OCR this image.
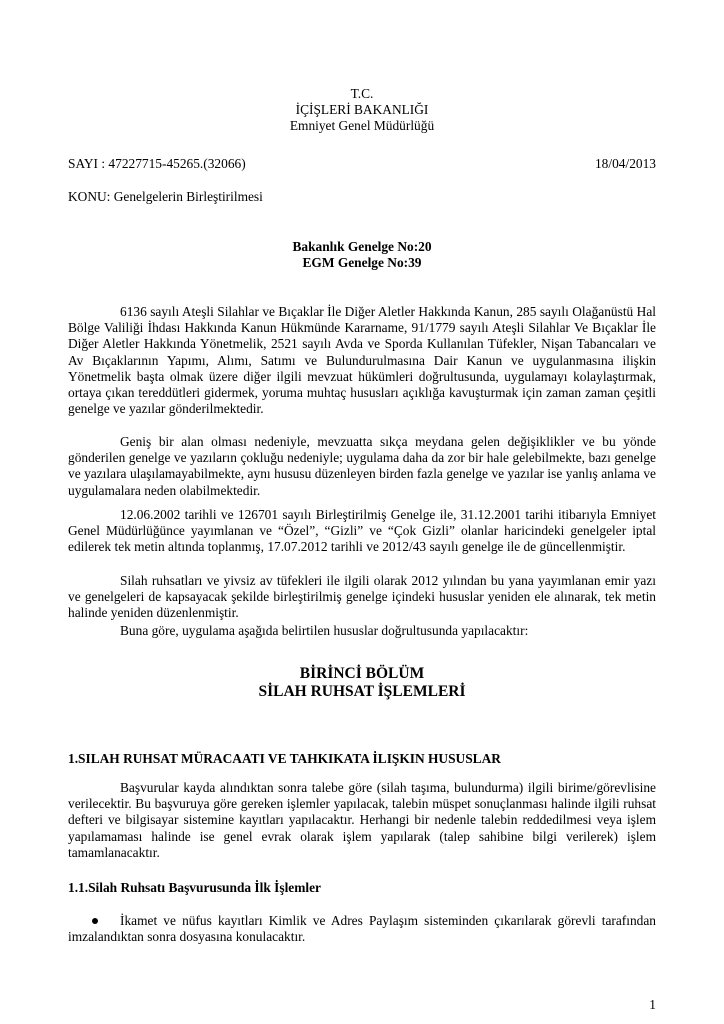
T.C.
İÇİŞLERİ BAKANLIĞI
Emniyet Genel Müdürlüğü
SAYI : 47227715-45265.(32066)	18/04/2013
KONU: Genelgelerin Birleştirilmesi
Bakanlık Genelge No:20
EGM Genelge No:39

6136 sayılı Ateşli Silahlar ve Bıçaklar İle Diğer Aletler Hakkında Kanun, 285 sayılı Olağanüstü Hal Bölge Valiliği İhdası Hakkında Kanun Hükmünde Kararname, 91/1779 sayılı Ateşli Silahlar Ve Bıçaklar İle Diğer Aletler Hakkında Yönetmelik, 2521 sayılı Avda ve Sporda Kullanılan Tüfekler, Nişan Tabancaları ve Av Bıçaklarının Yapımı, Alımı, Satımı ve Bulundurulmasına Dair Kanun ve uygulanmasına ilişkin Yönetmelik başta olmak üzere diğer ilgili mevzuat hükümleri doğrultusunda, uygulamayı kolaylaştırmak, ortaya çıkan tereddütleri gidermek, yoruma muhtaç hususları açıklığa kavuşturmak için zaman zaman çeşitli genelge ve yazılar gönderilmektedir.

Geniş bir alan olması nedeniyle, mevzuatta sıkça meydana gelen değişiklikler ve bu yönde gönderilen genelge ve yazıların çokluğu nedeniyle; uygulama daha da zor bir hale gelebilmekte, bazı genelge ve yazılara ulaşılamayabilmekte, aynı hususu düzenleyen birden fazla genelge ve yazılar ise yanlış anlama ve uygulamalara neden olabilmektedir.

12.06.2002 tarihli ve 126701 sayılı Birleştirilmiş Genelge ile, 31.12.2001 tarihi itibarıyla Emniyet Genel Müdürlüğünce yayımlanan ve “Özel”, “Gizli” ve “Çok Gizli” olanlar haricindeki genelgeler iptal edilerek tek metin altında toplanmış, 17.07.2012 tarihli ve 2012/43 sayılı genelge ile de güncellenmiştir.

Silah ruhsatları ve yivsiz av tüfekleri ile ilgili olarak 2012 yılından bu yana yayımlanan emir yazı ve genelgeleri de kapsayacak şekilde birleştirilmiş genelge içindeki hususlar yeniden ele alınarak, tek metin halinde yeniden düzenlenmiştir.

Buna göre, uygulama aşağıda belirtilen hususlar doğrultusunda yapılacaktır:

BİRİNCİ BÖLÜM
SİLAH RUHSAT İŞLEMLERİ
1.SILAH RUHSAT MÜRACAATI VE TAHKIKATA İLIŞKIN HUSUSLAR

Başvurular kayda alındıktan sonra talebe göre (silah taşıma, bulundurma) ilgili birime/görevlisine verilecektir. Bu başvuruya göre gereken işlemler yapılacak, talebin müspet sonuçlanması halinde ilgili ruhsat defteri ve bilgisayar sistemine kayıtları yapılacaktır. Herhangi bir nedenle talebin reddedilmesi veya işlem yapılamaması halinde ise genel evrak olarak işlem yapılarak (talep sahibine bilgi verilerek) işlem tamamlanacaktır.

1.1.Silah Ruhsatı Başvurusunda İlk İşlemler

İkamet ve nüfus kayıtları Kimlik ve Adres Paylaşım sisteminden çıkarılarak görevli tarafından imzalandıktan sonra dosyasına konulacaktır.

1
